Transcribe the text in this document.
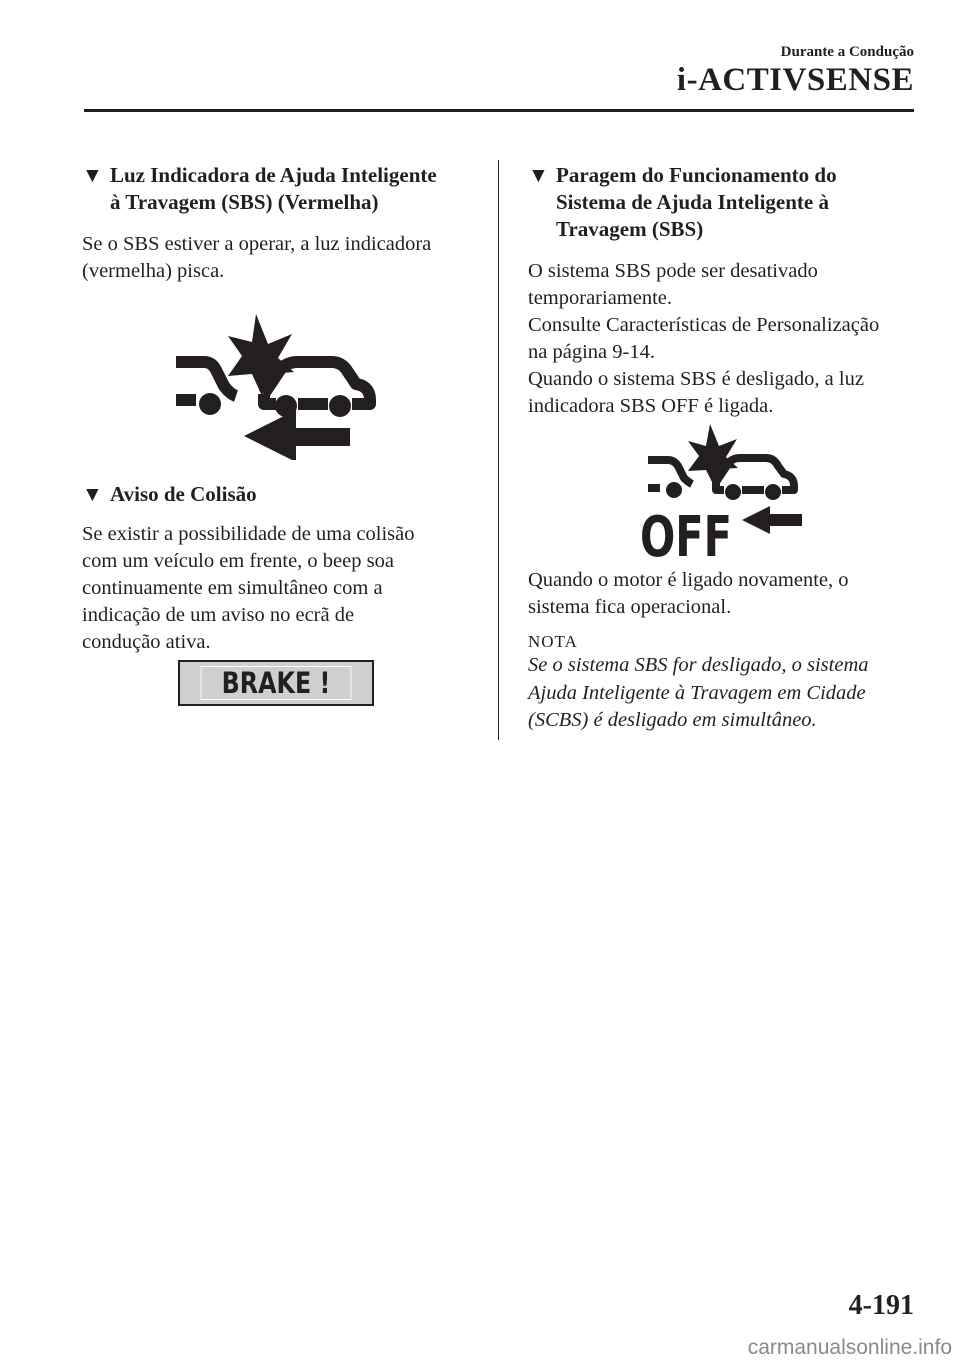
Durante a Condução
i-ACTIVSENSE
▼ Luz Indicadora de Ajuda Inteligente
à Travagem (SBS) (Vermelha)

Se o SBS estiver a operar, a luz indicadora

(vermelha) pisca.

▼ Aviso de Colisão

Se existir a possibilidade de uma colisão

com um veículo em frente, o beep soa

continuamente em simultâneo com a

indicação de um aviso no ecrã de

condução ativa.

BRAKE !
▼ Paragem do Funcionamento do
Sistema de Ajuda Inteligente à
Travagem (SBS)

O sistema SBS pode ser desativado

temporariamente.

Consulte Características de Personalização

na página 9-14.

Quando o sistema SBS é desligado, a luz

indicadora SBS OFF é ligada.

OFF

Quando o motor é ligado novamente, o

sistema fica operacional.

NOTA
Se o sistema SBS for desligado, o sistema
Ajuda Inteligente à Travagem em Cidade
(SCBS) é desligado em simultâneo.
4-191
carmanualsonline.info
